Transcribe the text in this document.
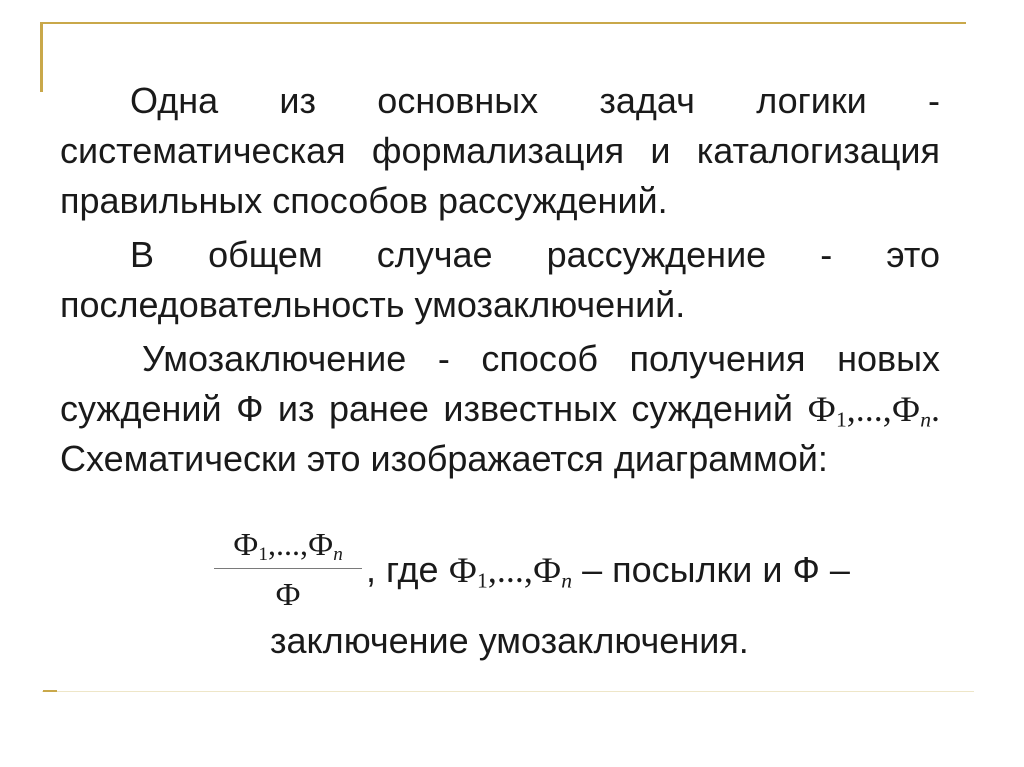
Одна из основных задач логики - систематическая формализация и каталогизация правильных способов рассуждений.

В общем случае рассуждение - это последовательность умозаключений.

Умозаключение - способ получения новых суждений Ф из ранее известных суждений $Ф_1,...,Ф_n$. Схематически это изображается диаграммой:

$\frac{Ф_1,...,Ф_n}{Ф}$ , где $Ф_1,...,Ф_n$ – посылки и Ф –
заключение умозаключения.
